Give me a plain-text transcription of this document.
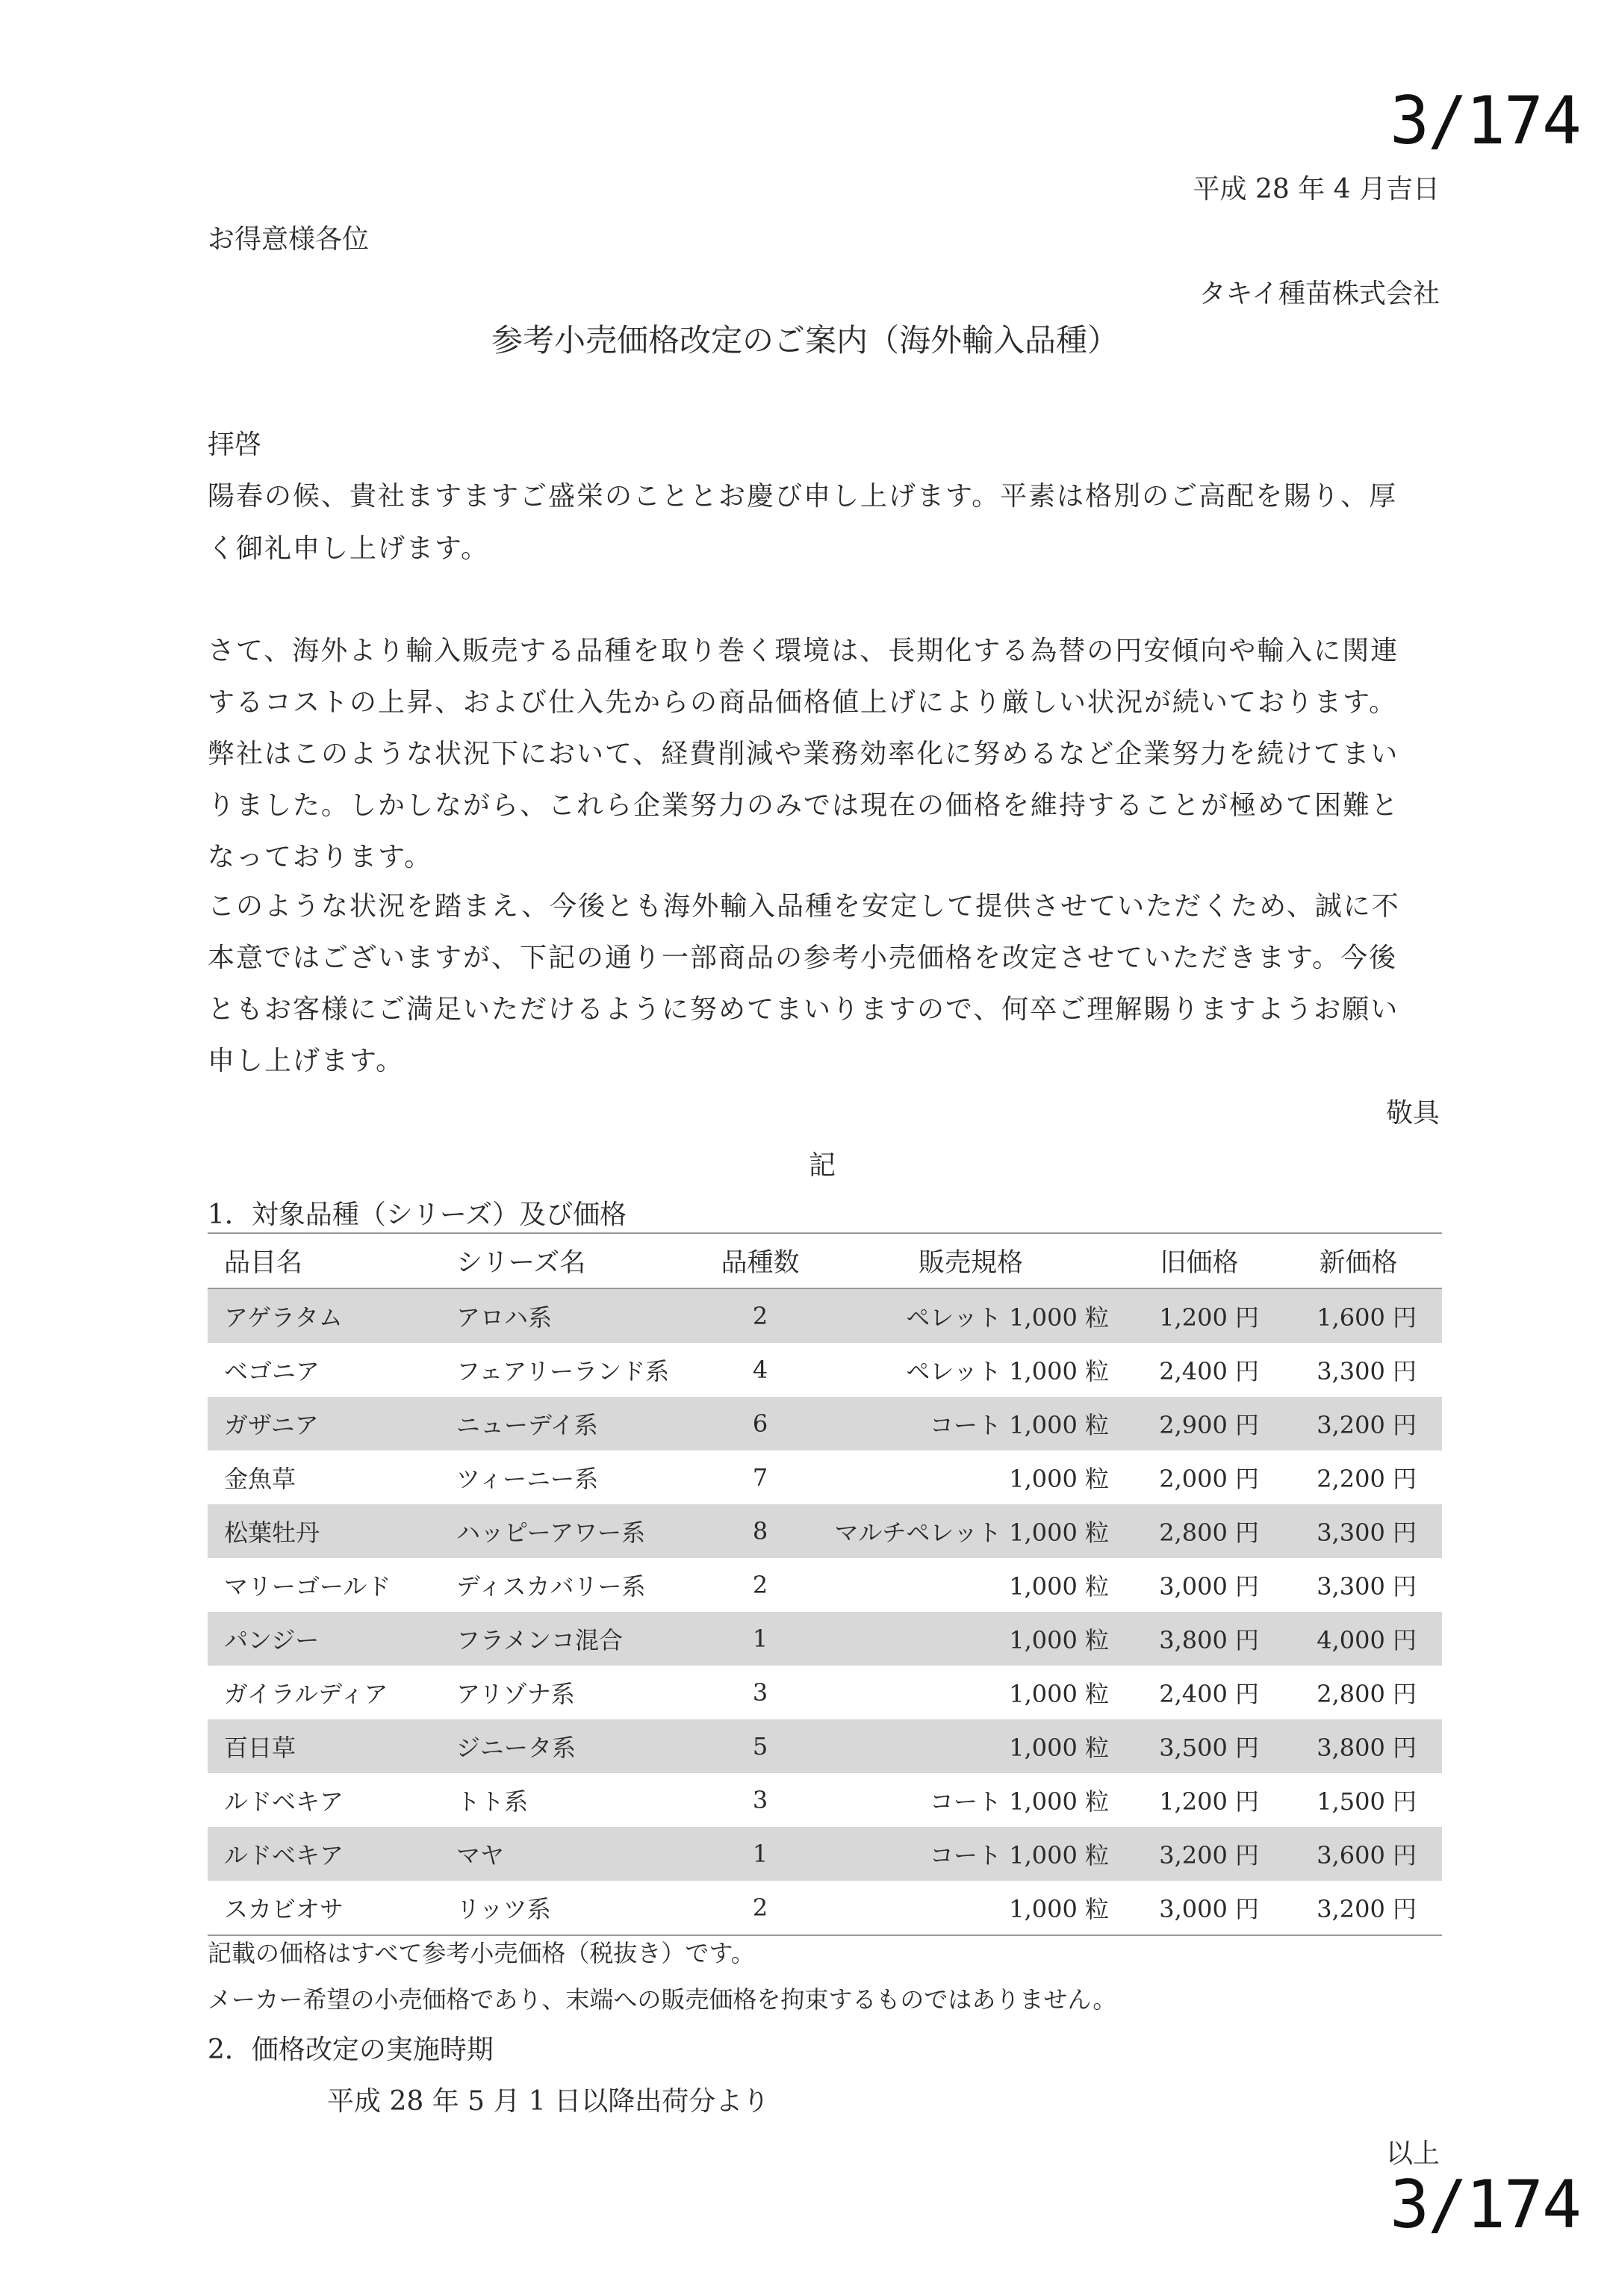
3/174
平成 28 年 4 月吉日
お得意様各位
タキイ種苗株式会社
参考小売価格改定のご案内（海外輸入品種）
拝啓
陽春の候、貴社ますますご盛栄のこととお慶び申し上げます。平素は格別のご高配を賜り、厚
く御礼申し上げます。
さて、海外より輸入販売する品種を取り巻く環境は、長期化する為替の円安傾向や輸入に関連
するコストの上昇、および仕入先からの商品価格値上げにより厳しい状況が続いております。
弊社はこのような状況下において、経費削減や業務効率化に努めるなど企業努力を続けてまい
りました。しかしながら、これら企業努力のみでは現在の価格を維持することが極めて困難と
なっております。
このような状況を踏まえ、今後とも海外輸入品種を安定して提供させていただくため、誠に不
本意ではございますが、下記の通り一部商品の参考小売価格を改定させていただきます。今後
ともお客様にご満足いただけるように努めてまいりますので、何卒ご理解賜りますようお願い
申し上げます。
敬具
記
1．対象品種（シリーズ）及び価格
品目名	シリーズ名	品種数	販売規格	旧価格	新価格
アゲラタム	アロハ系	2	ペレット 1,000 粒	1,200 円	1,600 円
ベゴニア	フェアリーランド系	4	ペレット 1,000 粒	2,400 円	3,300 円
ガザニア	ニューデイ系	6	コート 1,000 粒	2,900 円	3,200 円
金魚草	ツィーニー系	7	1,000 粒	2,000 円	2,200 円
松葉牡丹	ハッピーアワー系	8	マルチペレット 1,000 粒	2,800 円	3,300 円
マリーゴールド	ディスカバリー系	2	1,000 粒	3,000 円	3,300 円
パンジー	フラメンコ混合	1	1,000 粒	3,800 円	4,000 円
ガイラルディア	アリゾナ系	3	1,000 粒	2,400 円	2,800 円
百日草	ジニータ系	5	1,000 粒	3,500 円	3,800 円
ルドベキア	トト系	3	コート 1,000 粒	1,200 円	1,500 円
ルドベキア	マヤ	1	コート 1,000 粒	3,200 円	3,600 円
スカビオサ	リッツ系	2	1,000 粒	3,000 円	3,200 円
記載の価格はすべて参考小売価格（税抜き）です。
メーカー希望の小売価格であり、末端への販売価格を拘束するものではありません。
2．価格改定の実施時期
平成 28 年 5 月 1 日以降出荷分より
以上
3/174
